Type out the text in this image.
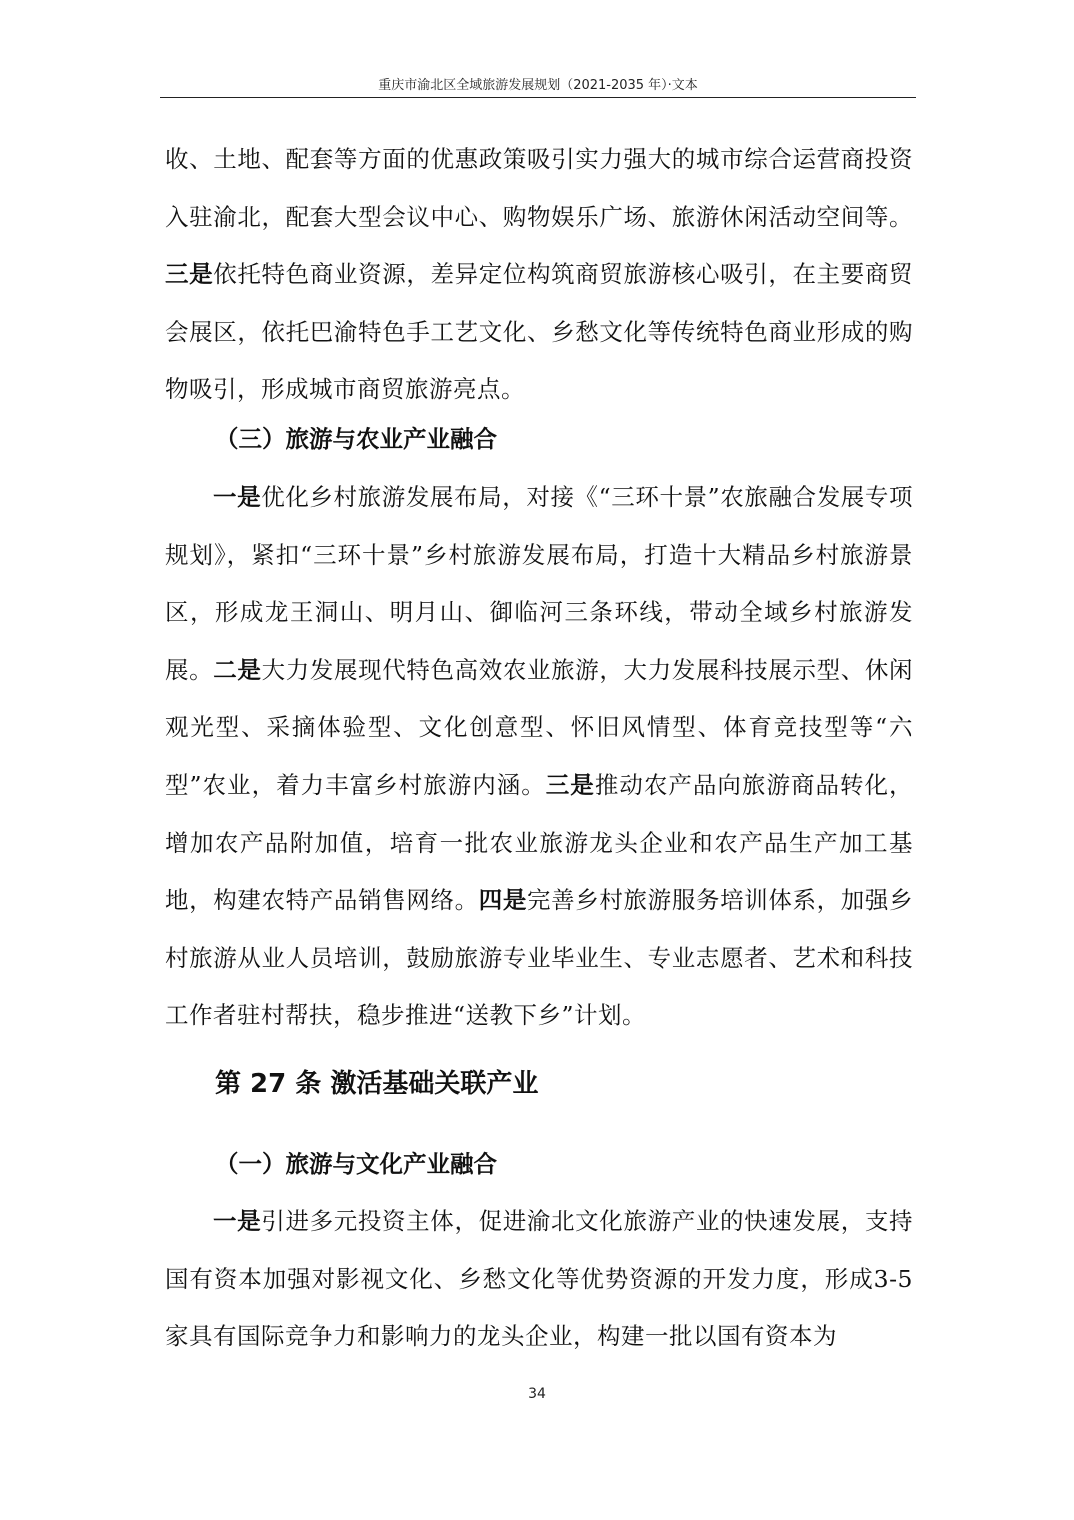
重庆市渝北区全域旅游发展规划（2021-2035 年）·文本

收、土地、配套等方面的优惠政策吸引实力强大的城市综合运营商投资入驻渝北，配套大型会议中心、购物娱乐广场、旅游休闲活动空间等。三是依托特色商业资源，差异定位构筑商贸旅游核心吸引，在主要商贸会展区，依托巴渝特色手工艺文化、乡愁文化等传统特色商业形成的购物吸引，形成城市商贸旅游亮点。

（三）旅游与农业产业融合

一是优化乡村旅游发展布局，对接《“三环十景”农旅融合发展专项规划》，紧扣“三环十景”乡村旅游发展布局，打造十大精品乡村旅游景区，形成龙王洞山、明月山、御临河三条环线，带动全域乡村旅游发展。二是大力发展现代特色高效农业旅游，大力发展科技展示型、休闲观光型、采摘体验型、文化创意型、怀旧风情型、体育竞技型等“六型”农业，着力丰富乡村旅游内涵。三是推动农产品向旅游商品转化，增加农产品附加值，培育一批农业旅游龙头企业和农产品生产加工基地，构建农特产品销售网络。四是完善乡村旅游服务培训体系，加强乡村旅游从业人员培训，鼓励旅游专业毕业生、专业志愿者、艺术和科技工作者驻村帮扶，稳步推进“送教下乡”计划。

第 27 条 激活基础关联产业
（一）旅游与文化产业融合

一是引进多元投资主体，促进渝北文化旅游产业的快速发展，支持国有资本加强对影视文化、乡愁文化等优势资源的开发力度，形成3-5 家具有国际竞争力和影响力的龙头企业，构建一批以国有资本为

34
